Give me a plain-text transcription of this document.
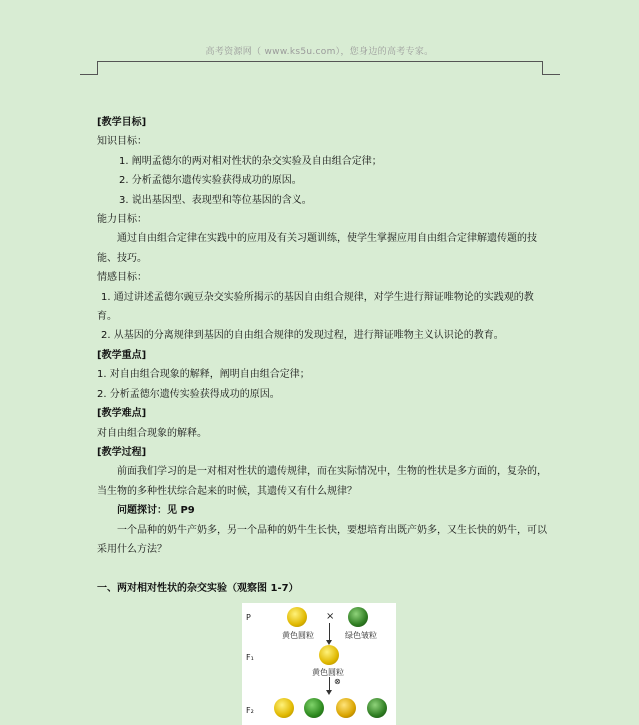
高考资源网（ www.ks5u.com），您身边的高考专家。

[教学目标]

知识目标：

1. 阐明孟德尔的两对相对性状的杂交实验及自由组合定律；

2. 分析孟德尔遗传实验获得成功的原因。

3. 说出基因型、表现型和等位基因的含义。

能力目标：

通过自由组合定律在实践中的应用及有关习题训练，使学生掌握应用自由组合定律解遗传题的技能、技巧。

情感目标：

1. 通过讲述孟德尔豌豆杂交实验所揭示的基因自由组合规律，对学生进行辩证唯物论的实践观的教育。

2. 从基因的分离规律到基因的自由组合规律的发现过程，进行辩证唯物主义认识论的教育。

[教学重点]

1. 对自由组合现象的解释，阐明自由组合定律；

2. 分析孟德尔遗传实验获得成功的原因。

[教学难点]

对自由组合现象的解释。

[教学过程]

前面我们学习的是一对相对性状的遗传规律，而在实际情况中，生物的性状是多方面的，复杂的，当生物的多种性状综合起来的时候，其遗传又有什么规律？

问题探讨：见 P9

一个品种的奶牛产奶多，另一个品种的奶牛生长快，要想培育出既产奶多，又生长快的奶牛，可以采用什么方法？

一、两对相对性状的杂交实验（观察图 1-7）

P
F₁
F₂
×
黄色圆粒	绿色皱粒
黄色圆粒
⊗
